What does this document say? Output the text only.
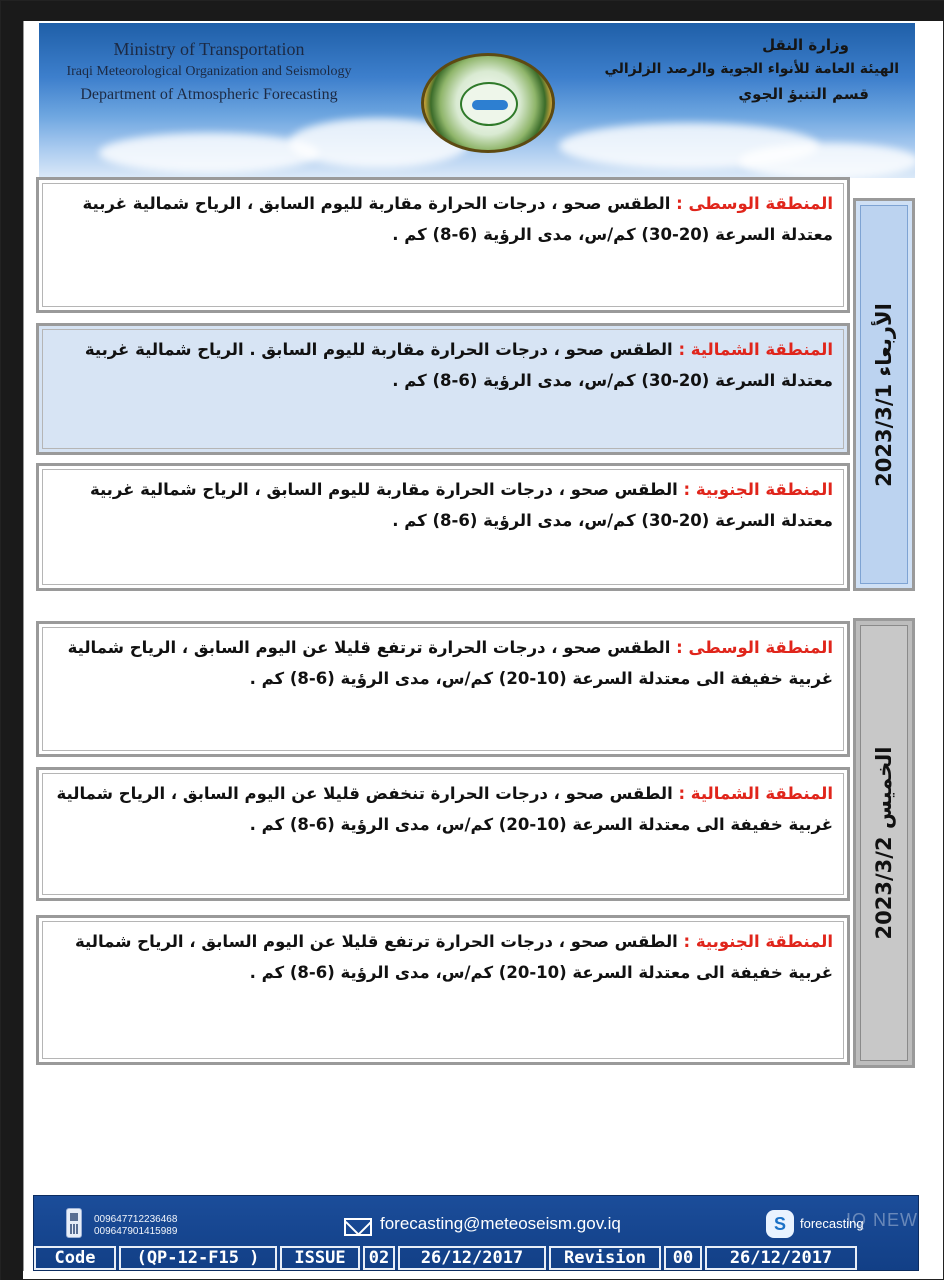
Ministry of Transportation
Iraqi Meteorological Organization and Seismology
Department of Atmospheric Forecasting
وزارة النقل
الهيئة العامة للأنواء الجوية والرصد الزلزالي
قسم التنبؤ الجوي
المنطقة الوسطى : الطقس صحو ، درجات الحرارة مقاربة لليوم السابق ، الرياح شمالية غربية معتدلة السرعة (20-30) كم/س، مدى الرؤية (6-8) كم .
المنطقة الشمالية : الطقس صحو ، درجات الحرارة مقاربة لليوم السابق . الرياح شمالية غربية معتدلة السرعة (20-30) كم/س، مدى الرؤية (6-8) كم .
المنطقة الجنوبية : الطقس صحو ، درجات الحرارة مقاربة لليوم السابق ، الرياح شمالية غربية معتدلة السرعة (20-30) كم/س، مدى الرؤية (6-8) كم .
الأربعاء 2023/3/1
المنطقة الوسطى : الطقس صحو ، درجات الحرارة ترتفع قليلا عن اليوم السابق ، الرياح شمالية غربية خفيفة الى معتدلة السرعة (10-20) كم/س، مدى الرؤية (6-8) كم .
المنطقة الشمالية : الطقس صحو ، درجات الحرارة تنخفض قليلا عن اليوم السابق ، الرياح شمالية غربية خفيفة الى معتدلة السرعة (10-20) كم/س، مدى الرؤية (6-8) كم .
المنطقة الجنوبية : الطقس صحو ، درجات الحرارة ترتفع قليلا عن اليوم السابق ، الرياح شمالية غربية خفيفة الى معتدلة السرعة (10-20) كم/س، مدى الرؤية (6-8) كم .
الخميس 2023/3/2
009647712236468
009647901415989	forecasting@meteoseism.gov.iq	S	forecasting
IQ NEW
Code	(QP-12-F15 )	ISSUE	02	26/12/2017	Revision	00	26/12/2017
